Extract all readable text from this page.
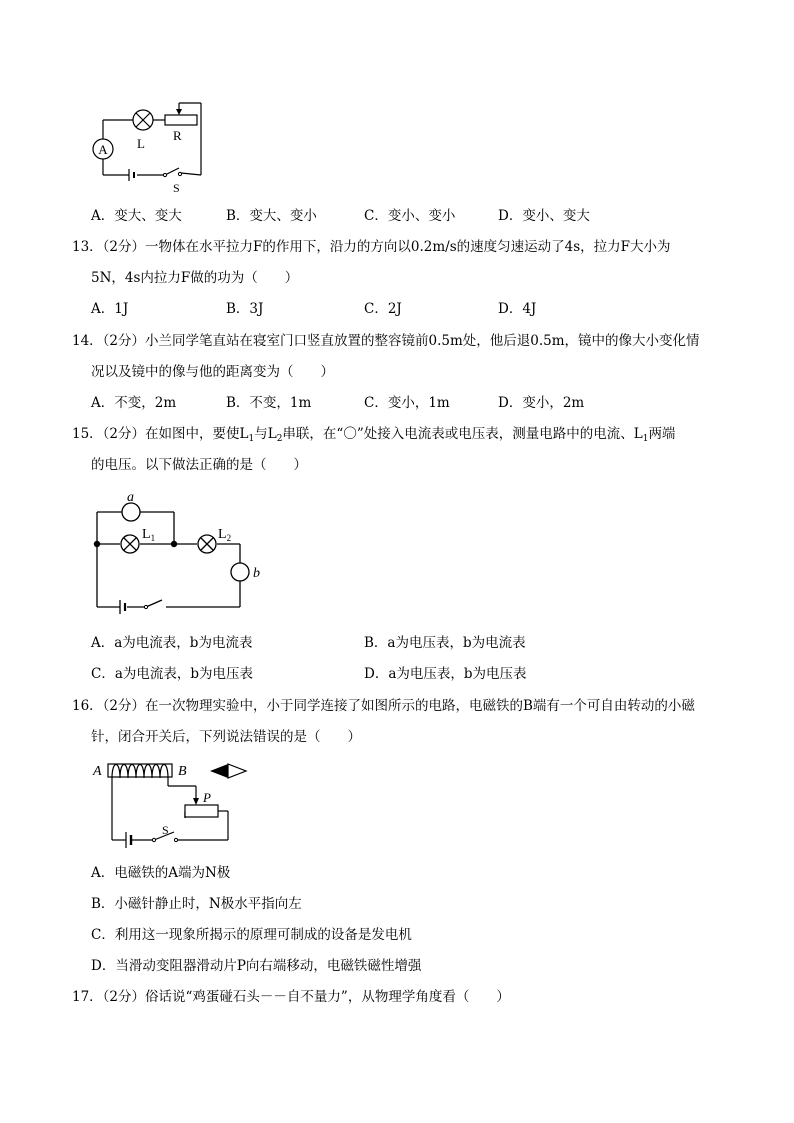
A L
R
S
A．变大、变大	B．变大、变小	C．变小、变小	D．变小、变大
13．（2分）一物体在水平拉力F的作用下，沿力的方向以0.2m/s的速度匀速运动了4s，拉力F大小为
5N，4s内拉力F做的功为（　　）
A．1J	B．3J	C．2J	D．4J
14．（2分）小兰同学笔直站在寝室门口竖直放置的整容镜前0.5m处，他后退0.5m，镜中的像大小变化情
况以及镜中的像与他的距离变为（　　）
A．不变，2m	B．不变，1m	C．变小，1m	D．变小，2m
15．（2分）在如图中，要使$L_1$与$L_2$串联，在“〇”处接入电流表或电压表，测量电路中的电流、$L_1$两端
的电压。以下做法正确的是（　　）
a
$L_1$	$L_2$
b
A．a为电流表，b为电流表	B．a为电压表，b为电流表
C．a为电流表，b为电压表	D．a为电压表，b为电压表
16．（2分）在一次物理实验中，小于同学连接了如图所示的电路，电磁铁的B端有一个可自由转动的小磁
针，闭合开关后，下列说法错误的是（　　）
A	B
P
S
A．电磁铁的A端为N极
B．小磁针静止时，N极水平指向左
C．利用这一现象所揭示的原理可制成的设备是发电机
D．当滑动变阻器滑动片P向右端移动，电磁铁磁性增强
17．（2分）俗话说“鸡蛋碰石头－－自不量力”，从物理学角度看（　　）
